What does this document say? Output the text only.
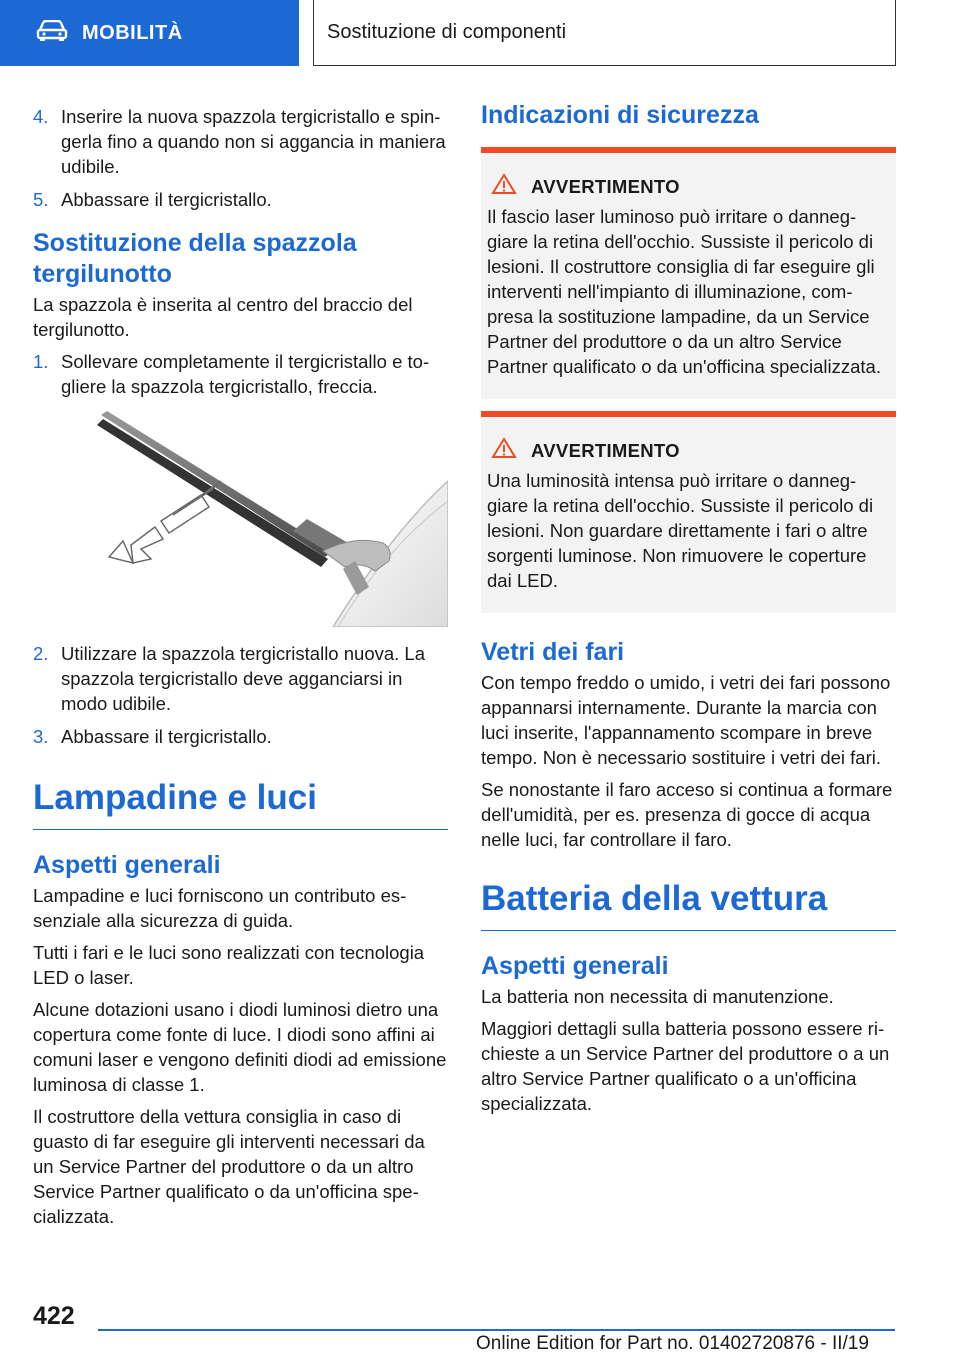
MOBILITÀ	Sostituzione di componenti
4. Inserire la nuova spazzola tergicristallo e spingerla fino a quando non si aggancia in maniera udibile.
5. Abbassare il tergicristallo.
Sostituzione della spazzola tergilunotto

La spazzola è inserita al centro del braccio del tergilunotto.

1. Sollevare completamente il tergicristallo e togliere la spazzola tergicristallo, freccia.
2. Utilizzare la spazzola tergicristallo nuova. La spazzola tergicristallo deve agganciarsi in modo udibile.
3. Abbassare il tergicristallo.
Lampadine e luci
Aspetti generali

Lampadine e luci forniscono un contributo essenziale alla sicurezza di guida.

Tutti i fari e le luci sono realizzati con tecnologia LED o laser.

Alcune dotazioni usano i diodi luminosi dietro una copertura come fonte di luce. I diodi sono affini ai comuni laser e vengono definiti diodi ad emissione luminosa di classe 1.

Il costruttore della vettura consiglia in caso di guasto di far eseguire gli interventi necessari da un Service Partner del produttore o da un altro Service Partner qualificato o da un'officina specializzata.

Indicazioni di sicurezza
AVVERTIMENTO

Il fascio laser luminoso può irritare o danneggiare la retina dell'occhio. Sussiste il pericolo di lesioni. Il costruttore consiglia di far eseguire gli interventi nell'impianto di illuminazione, compresa la sostituzione lampadine, da un Service Partner del produttore o da un altro Service Partner qualificato o da un'officina specializzata.

AVVERTIMENTO

Una luminosità intensa può irritare o danneggiare la retina dell'occhio. Sussiste il pericolo di lesioni. Non guardare direttamente i fari o altre sorgenti luminose. Non rimuovere le coperture dai LED.

Vetri dei fari

Con tempo freddo o umido, i vetri dei fari possono appannarsi internamente. Durante la marcia con luci inserite, l'appannamento scompare in breve tempo. Non è necessario sostituire i vetri dei fari.

Se nonostante il faro acceso si continua a formare dell'umidità, per es. presenza di gocce di acqua nelle luci, far controllare il faro.

Batteria della vettura
Aspetti generali

La batteria non necessita di manutenzione.

Maggiori dettagli sulla batteria possono essere richieste a un Service Partner del produttore o a un altro Service Partner qualificato o a un'officina specializzata.

422
Online Edition for Part no. 01402720876 - II/19
